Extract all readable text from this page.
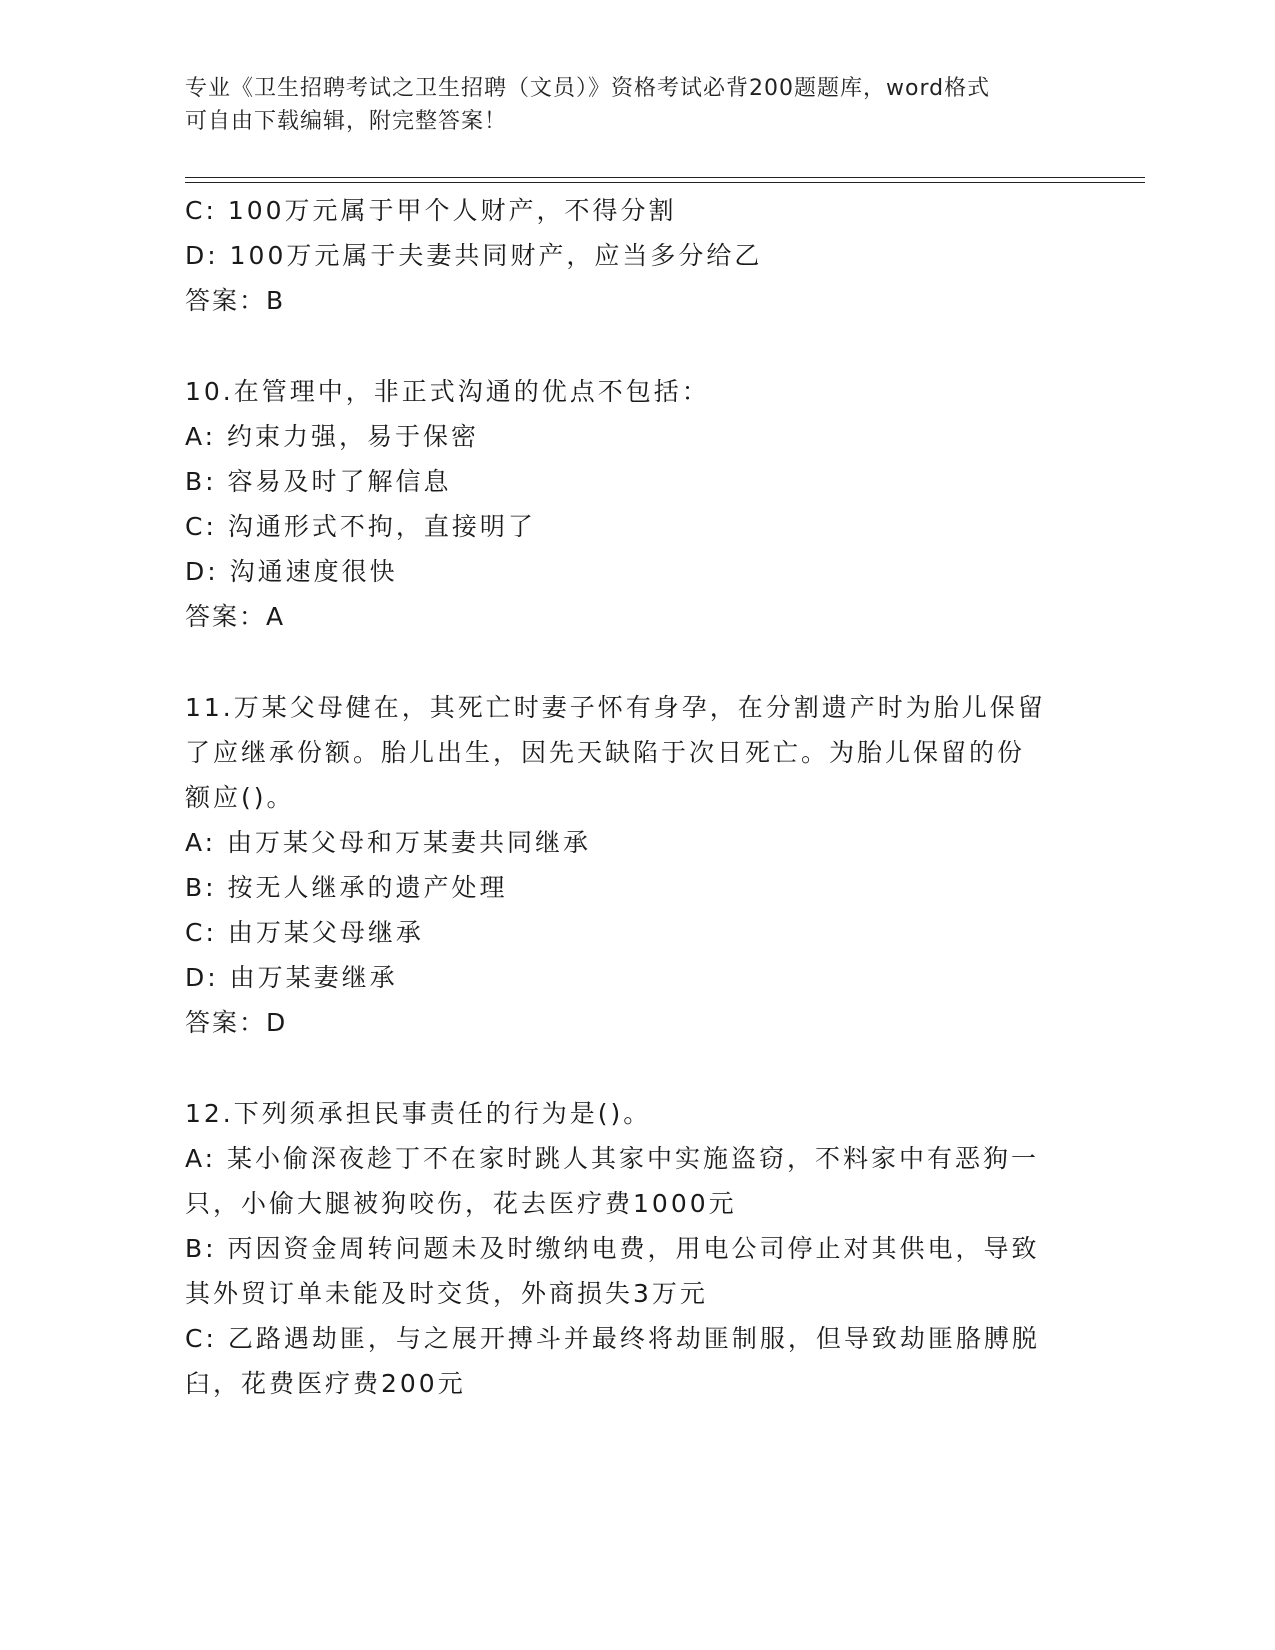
专业《卫生招聘考试之卫生招聘（文员）》资格考试必背200题题库，word格式
可自由下载编辑，附完整答案！
C: 100万元属于甲个人财产，不得分割
D: 100万元属于夫妻共同财产，应当多分给乙
答案：B
10.在管理中，非正式沟通的优点不包括：
A: 约束力强，易于保密
B: 容易及时了解信息
C: 沟通形式不拘，直接明了
D: 沟通速度很快
答案：A
11.万某父母健在，其死亡时妻子怀有身孕，在分割遗产时为胎儿保留
了应继承份额。胎儿出生，因先天缺陷于次日死亡。为胎儿保留的份
额应()。
A: 由万某父母和万某妻共同继承
B: 按无人继承的遗产处理
C: 由万某父母继承
D: 由万某妻继承
答案：D
12.下列须承担民事责任的行为是()。
A: 某小偷深夜趁丁不在家时跳人其家中实施盗窃，不料家中有恶狗一
只，小偷大腿被狗咬伤，花去医疗费1000元
B: 丙因资金周转问题未及时缴纳电费，用电公司停止对其供电，导致
其外贸订单未能及时交货，外商损失3万元
C: 乙路遇劫匪，与之展开搏斗并最终将劫匪制服，但导致劫匪胳膊脱
臼，花费医疗费200元
